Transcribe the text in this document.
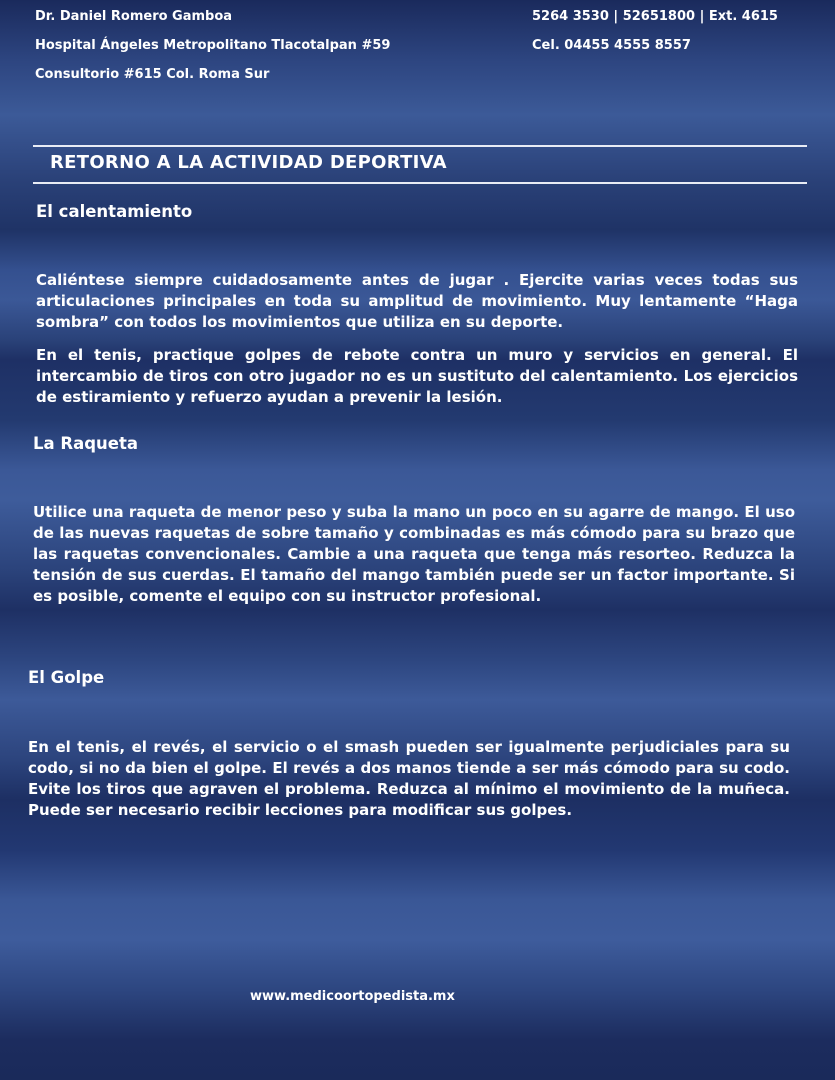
Dr. Daniel Romero Gamboa
Hospital Ángeles Metropolitano Tlacotalpan #59
Consultorio #615 Col. Roma Sur
5264 3530 | 52651800 | Ext. 4615
Cel. 04455 4555 8557
RETORNO A LA ACTIVIDAD DEPORTIVA
El calentamiento
Caliéntese siempre cuidadosamente antes de jugar . Ejercite varias veces todas sus articulaciones principales en toda su amplitud de movimiento. Muy lentamente “Haga sombra” con todos los movimientos que utiliza en su deporte.
En el tenis, practique golpes de rebote contra un muro y servicios en general. El intercambio de tiros con otro jugador no es un sustituto del calentamiento. Los ejercicios de estiramiento y refuerzo ayudan a prevenir la lesión.
La Raqueta
Utilice una raqueta de menor peso y suba la mano un poco en su agarre de mango. El uso de las nuevas raquetas de sobre tamaño y combinadas es más cómodo para su brazo que las raquetas convencionales. Cambie a una raqueta que tenga más resorteo. Reduzca la tensión de sus cuerdas. El tamaño del mango también puede ser un factor importante. Si es posible, comente el equipo con su instructor profesional.
El Golpe
En el tenis, el revés, el servicio o el smash pueden ser igualmente perjudiciales para su codo, si no da bien el golpe. El revés a dos manos tiende a ser más cómodo para su codo. Evite los tiros que agraven el problema. Reduzca al mínimo el movimiento de la muñeca. Puede ser necesario recibir lecciones para modificar sus golpes.
www.medicoortopedista.mx
